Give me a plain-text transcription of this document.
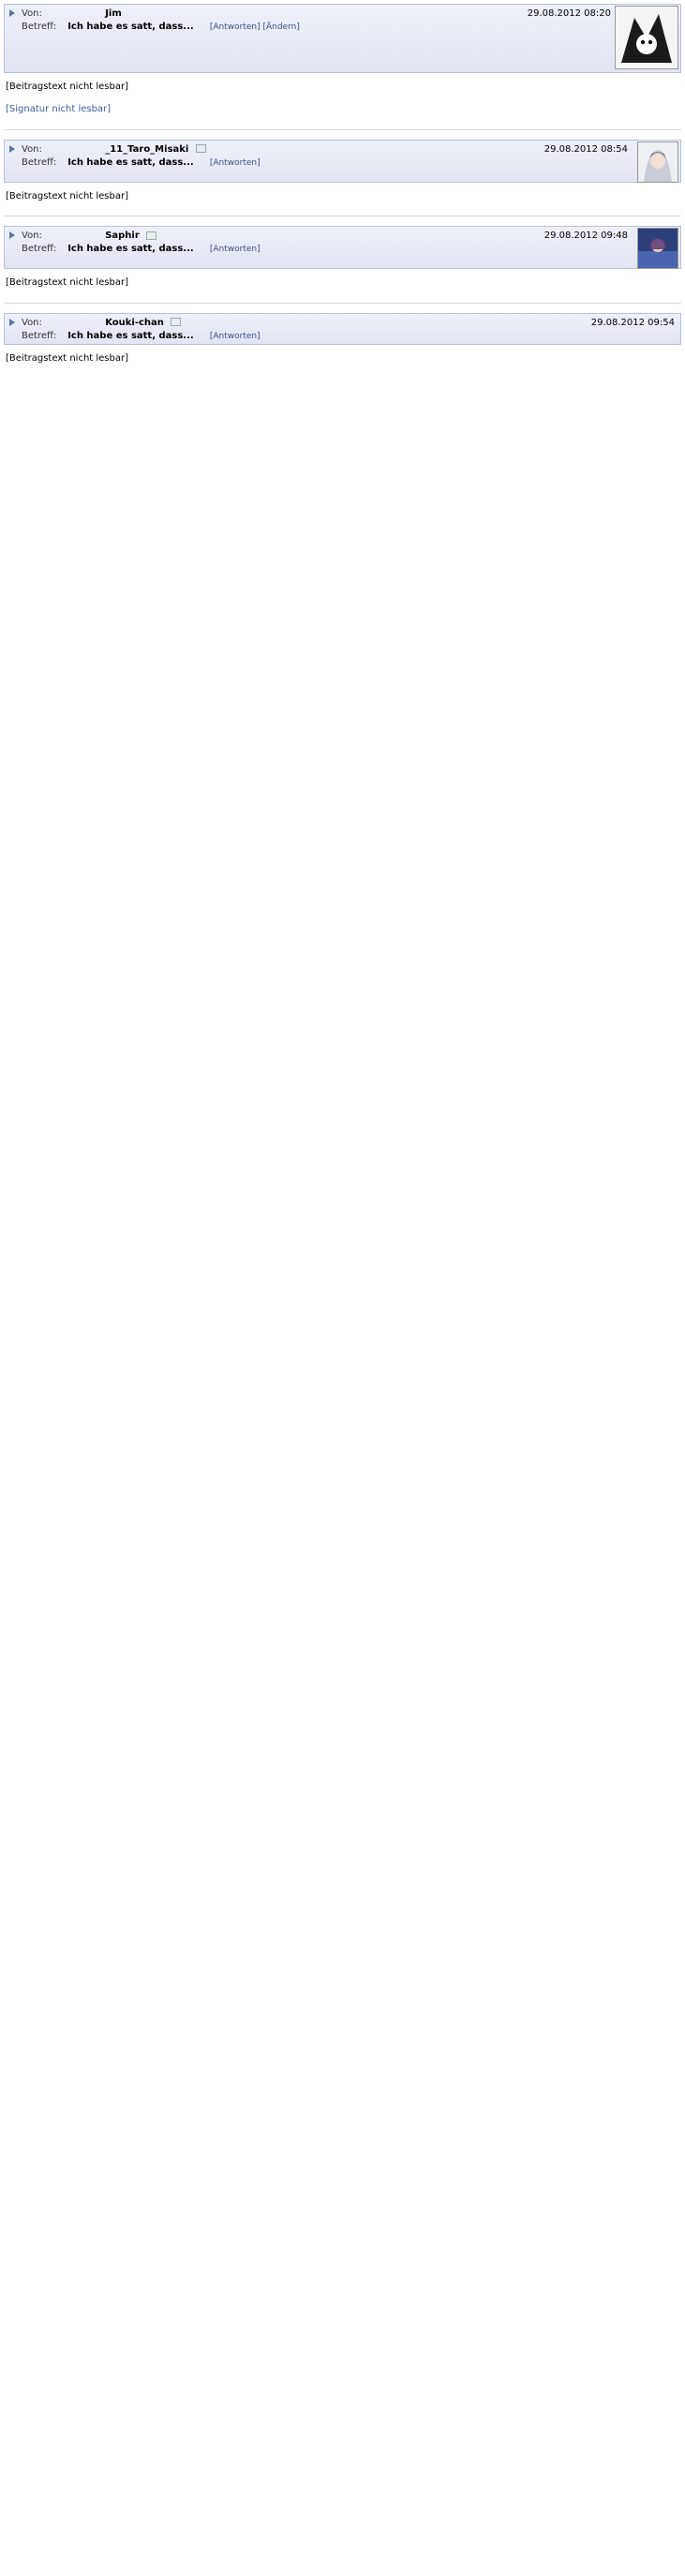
Von:	Jim
Betreff: Ich habe es satt, dass... [Antworten] [Ändern]
29.08.2012 08:20

[Beitragstext nicht lesbar]

[Signatur nicht lesbar]
Von:	_11_Taro_Misaki
Betreff: Ich habe es satt, dass... [Antworten]
29.08.2012 08:54

[Beitragstext nicht lesbar]

Von:	Saphir
Betreff: Ich habe es satt, dass... [Antworten]
29.08.2012 09:48

[Beitragstext nicht lesbar]

Von:	Kouki-chan
Betreff: Ich habe es satt, dass... [Antworten]
29.08.2012 09:54

[Beitragstext nicht lesbar]
